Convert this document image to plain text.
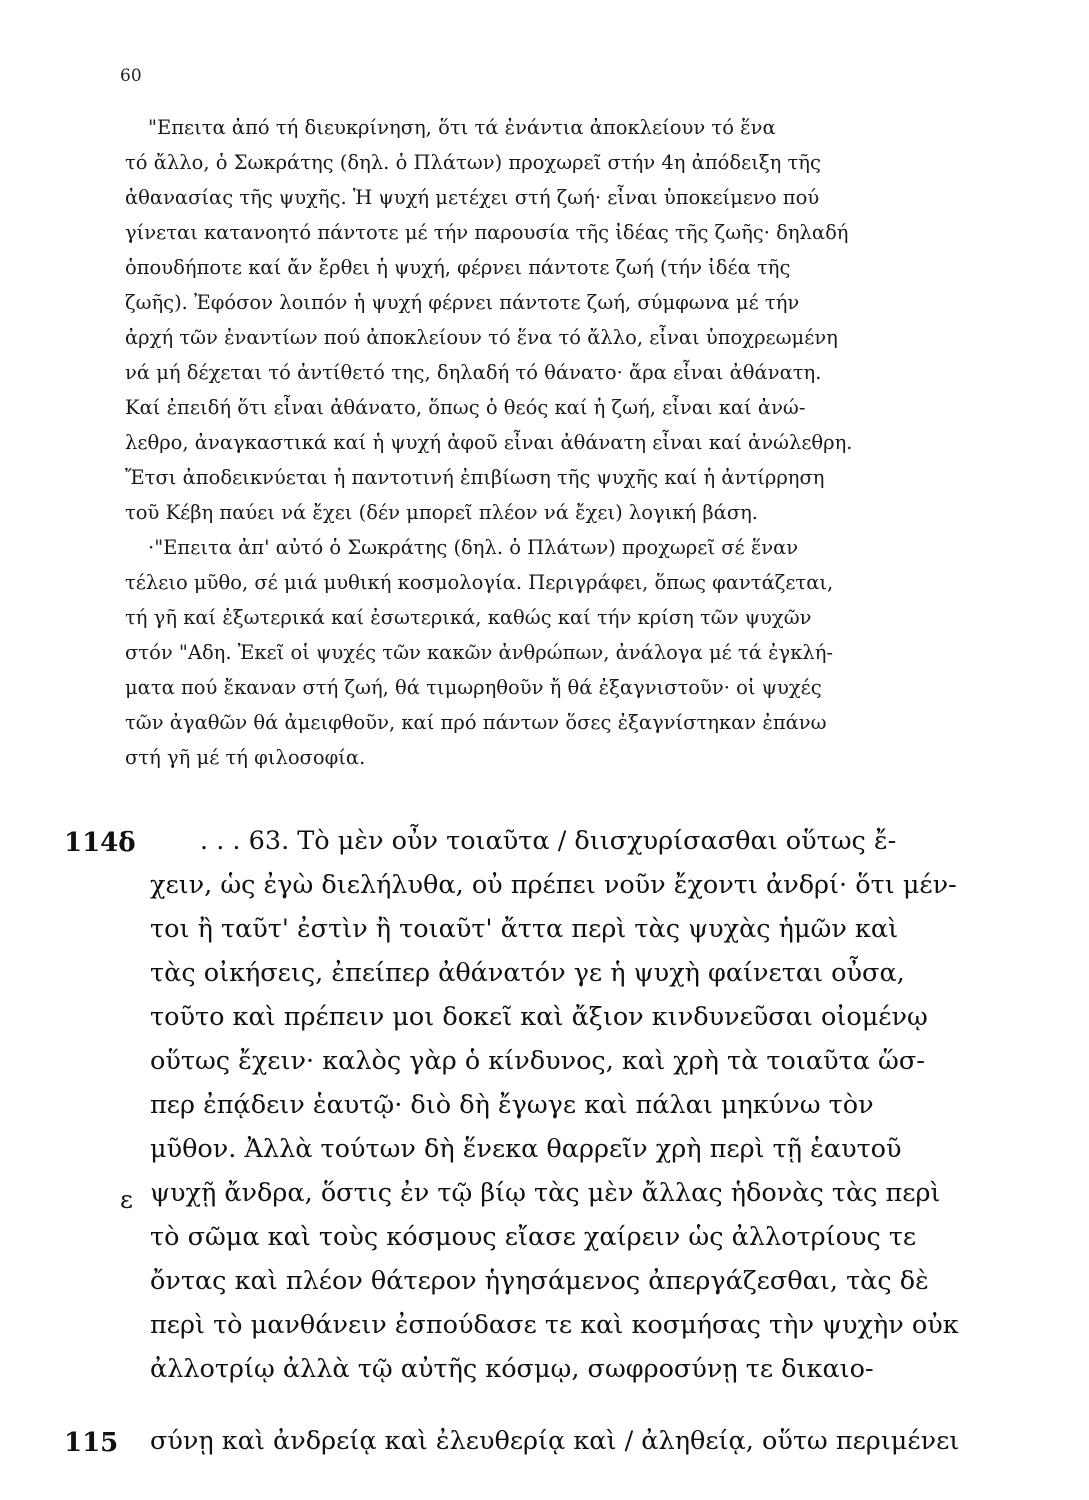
60
"Επειτα ἀπό τή διευκρίνηση, ὅτι τά ἐνάντια ἀποκλείουν τό ἕνα
τό ἄλλο, ὁ Σωκράτης (δηλ. ὁ Πλάτων) προχωρεῖ στήν 4η ἀπόδειξη τῆς
ἀθανασίας τῆς ψυχῆς. Ἡ ψυχή μετέχει στή ζωή· εἶναι ὑποκείμενο πού
γίνεται κατανοητό πάντοτε μέ τήν παρουσία τῆς ἰδέας τῆς ζωῆς· δηλαδή
ὁπουδήποτε καί ἄν ἔρθει ἡ ψυχή, φέρνει πάντοτε ζωή (τήν ἰδέα τῆς
ζωῆς). Ἐφόσον λοιπόν ἡ ψυχή φέρνει πάντοτε ζωή, σύμφωνα μέ τήν
ἀρχή τῶν ἐναντίων πού ἀποκλείουν τό ἕνα τό ἄλλο, εἶναι ὑποχρεωμένη
νά μή δέχεται τό ἀντίθετό της, δηλαδή τό θάνατο· ἄρα εἶναι ἀθάνατη.
Καί ἐπειδή ὅτι εἶναι ἀθάνατο, ὅπως ὁ θεός καί ἡ ζωή, εἶναι καί ἀνώ-
λεθρο, ἀναγκαστικά καί ἡ ψυχή ἀφοῦ εἶναι ἀθάνατη εἶναι καί ἀνώλεθρη.
Ἔτσι ἀποδεικνύεται ἡ παντοτινή ἐπιβίωση τῆς ψυχῆς καί ἡ ἀντίρρηση
τοῦ Κέβη παύει νά ἔχει (δέν μπορεῖ πλέον νά ἔχει) λογική βάση.
·"Επειτα ἀπ' αὐτό ὁ Σωκράτης (δηλ. ὁ Πλάτων) προχωρεῖ σέ ἕναν
τέλειο μῦθο, σέ μιά μυθική κοσμολογία. Περιγράφει, ὅπως φαντάζεται,
τή γῆ καί ἐξωτερικά καί ἐσωτερικά, καθώς καί τήν κρίση τῶν ψυχῶν
στόν "Αδη. Ἐκεῖ οἱ ψυχές τῶν κακῶν ἀνθρώπων, ἀνάλογα μέ τά ἐγκλή-
ματα πού ἔκαναν στή ζωή, θά τιμωρηθοῦν ἤ θά ἐξαγνιστοῦν· οἱ ψυχές
τῶν ἀγαθῶν θά ἀμειφθοῦν, καί πρό πάντων ὅσες ἐξαγνίστηκαν ἐπάνω
στή γῆ μέ τή φιλοσοφία.
114δ
ε
115
. . . 63. Τὸ μὲν οὖν τοιαῦτα / διισχυρίσασθαι οὕτως ἔ-
χειν, ὡς ἐγὼ διελήλυθα, οὐ πρέπει νοῦν ἔχοντι ἀνδρί· ὅτι μέν-
τοι ἢ ταῦτ' ἐστὶν ἢ τοιαῦτ' ἄττα περὶ τὰς ψυχὰς ἡμῶν καὶ
τὰς οἰκήσεις, ἐπείπερ ἀθάνατόν γε ἡ ψυχὴ φαίνεται οὖσα,
τοῦτο καὶ πρέπειν μοι δοκεῖ καὶ ἄξιον κινδυνεῦσαι οἰομένῳ
οὕτως ἔχειν· καλὸς γὰρ ὁ κίνδυνος, καὶ χρὴ τὰ τοιαῦτα ὥσ-
περ ἐπᾴδειν ἑαυτῷ· διὸ δὴ ἔγωγε καὶ πάλαι μηκύνω τὸν
μῦθον. Ἀλλὰ τούτων δὴ ἕνεκα θαρρεῖν χρὴ περὶ τῇ ἑαυτοῦ
ψυχῇ ἄνδρα, ὅστις ἐν τῷ βίῳ τὰς μὲν ἄλλας ἡδονὰς τὰς περὶ
τὸ σῶμα καὶ τοὺς κόσμους εἴασε χαίρειν ὡς ἀλλοτρίους τε
ὄντας καὶ πλέον θάτερον ἡγησάμενος ἀπεργάζεσθαι, τὰς δὲ
περὶ τὸ μανθάνειν ἐσπούδασε τε καὶ κοσμήσας τὴν ψυχὴν οὐκ
ἀλλοτρίῳ ἀλλὰ τῷ αὐτῆς κόσμῳ, σωφροσύνῃ τε δικαιο-
σύνῃ καὶ ἀνδρείᾳ καὶ ἐλευθερίᾳ καὶ / ἀληθείᾳ, οὕτω περιμένει
